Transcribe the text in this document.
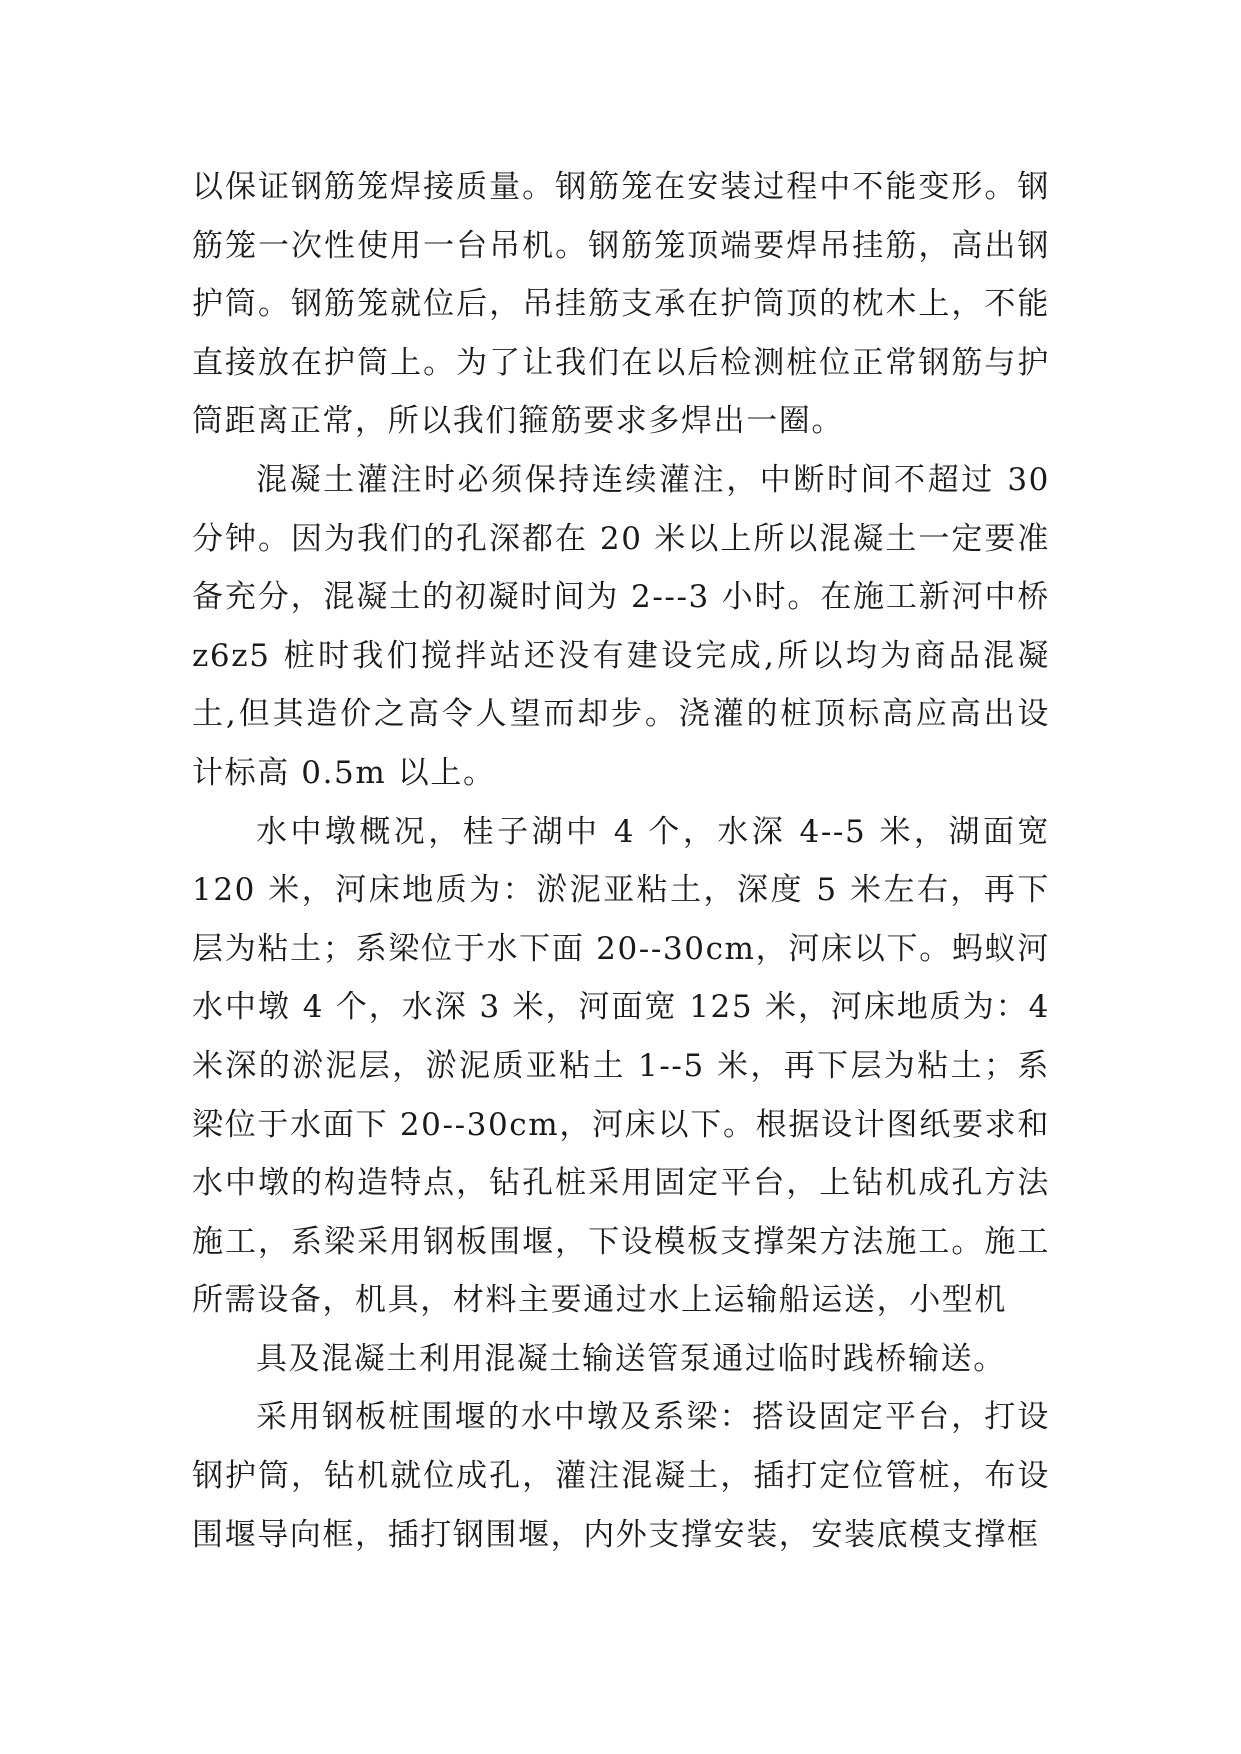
以保证钢筋笼焊接质量。钢筋笼在安装过程中不能变形。钢筋笼一次性使用一台吊机。钢筋笼顶端要焊吊挂筋，高出钢护筒。钢筋笼就位后，吊挂筋支承在护筒顶的枕木上，不能直接放在护筒上。为了让我们在以后检测桩位正常钢筋与护筒距离正常，所以我们箍筋要求多焊出一圈。

混凝土灌注时必须保持连续灌注，中断时间不超过 30 分钟。因为我们的孔深都在 20 米以上所以混凝土一定要准备充分，混凝土的初凝时间为 2---3 小时。在施工新河中桥 z6z5 桩时我们搅拌站还没有建设完成,所以均为商品混凝土,但其造价之高令人望而却步。浇灌的桩顶标高应高出设计标高 0.5m 以上。

水中墩概况，桂子湖中 4 个，水深 4--5 米，湖面宽 120 米，河床地质为：淤泥亚粘土，深度 5 米左右，再下层为粘土；系梁位于水下面 20--30cm，河床以下。蚂蚁河水中墩 4 个，水深 3 米，河面宽 125 米，河床地质为：4 米深的淤泥层，淤泥质亚粘土 1--5 米，再下层为粘土；系梁位于水面下 20--30cm，河床以下。根据设计图纸要求和水中墩的构造特点，钻孔桩采用固定平台，上钻机成孔方法施工，系梁采用钢板围堰，下设模板支撑架方法施工。施工所需设备，机具，材料主要通过水上运输船运送，小型机

具及混凝土利用混凝土输送管泵通过临时践桥输送。

采用钢板桩围堰的水中墩及系梁：搭设固定平台，打设钢护筒，钻机就位成孔，灌注混凝土，插打定位管桩，布设围堰导向框，插打钢围堰，内外支撑安装，安装底模支撑框
